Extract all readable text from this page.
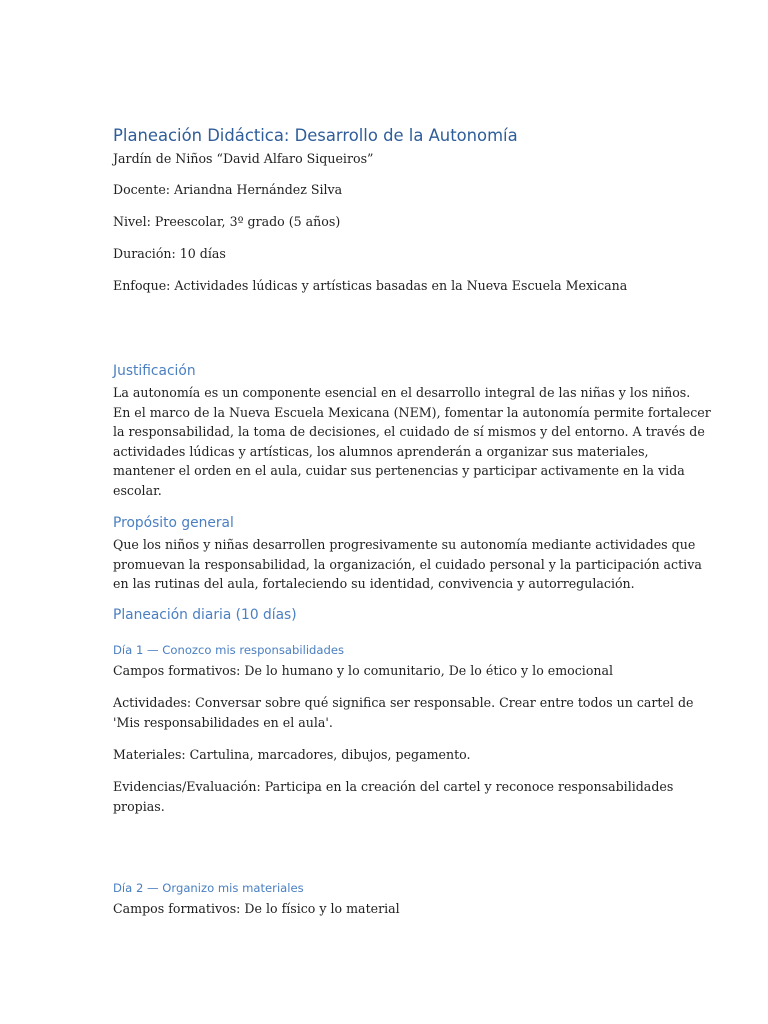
Planeación Didáctica: Desarrollo de la Autonomía

Jardín de Niños “David Alfaro Siqueiros”

Docente: Ariandna Hernández Silva

Nivel: Preescolar, 3º grado (5 años)

Duración: 10 días

Enfoque: Actividades lúdicas y artísticas basadas en la Nueva Escuela Mexicana

Justificación
La autonomía es un componente esencial en el desarrollo integral de las niñas y los niños.
En el marco de la Nueva Escuela Mexicana (NEM), fomentar la autonomía permite fortalecer
la responsabilidad, la toma de decisiones, el cuidado de sí mismos y del entorno. A través de
actividades lúdicas y artísticas, los alumnos aprenderán a organizar sus materiales,
mantener el orden en el aula, cuidar sus pertenencias y participar activamente en la vida
escolar.
Propósito general
Que los niños y niñas desarrollen progresivamente su autonomía mediante actividades que
promuevan la responsabilidad, la organización, el cuidado personal y la participación activa
en las rutinas del aula, fortaleciendo su identidad, convivencia y autorregulación.
Planeación diaria (10 días)
Día 1 — Conozco mis responsabilidades

Campos formativos: De lo humano y lo comunitario, De lo ético y lo emocional

Actividades: Conversar sobre qué significa ser responsable. Crear entre todos un cartel de
'Mis responsabilidades en el aula'.

Materiales: Cartulina, marcadores, dibujos, pegamento.

Evidencias/Evaluación: Participa en la creación del cartel y reconoce responsabilidades
propias.
Día 2 — Organizo mis materiales

Campos formativos: De lo físico y lo material
